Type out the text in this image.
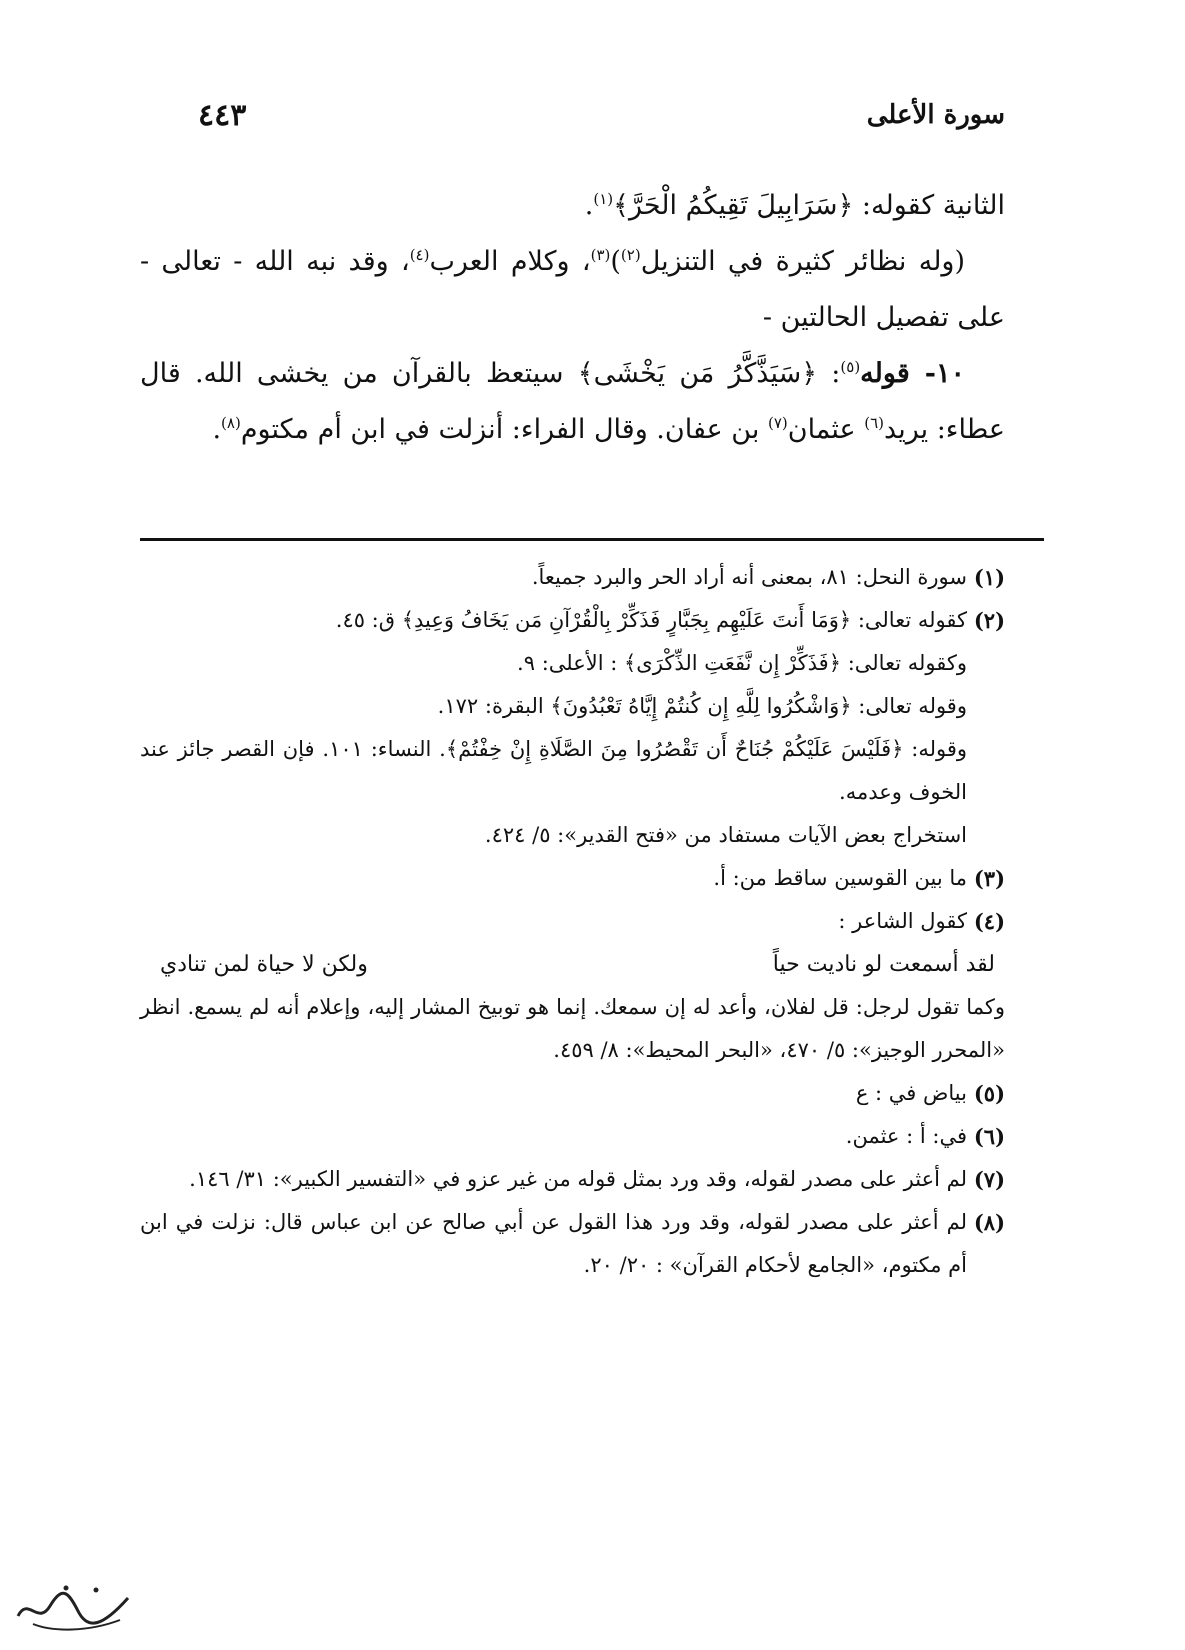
سورة الأعلى
٤٤٣

الثانية كقوله: ﴿سَرَابِيلَ تَقِيكُمُ الْحَرَّ﴾$^{(١)}$.

(وله نظائر كثيرة في التنزيل$^{(٢)}$)$^{(٣)}$، وكلام العرب$^{(٤)}$، وقد نبه الله - تعالى - على تفصيل الحالتين -

١٠- قوله$^{(٥)}$: ﴿سَيَذَّكَّرُ مَن يَخْشَى﴾ سيتعظ بالقرآن من يخشى الله. قال عطاء: يريد$^{(٦)}$ عثمان$^{(٧)}$ بن عفان. وقال الفراء: أنزلت في ابن أم مكتوم$^{(٨)}$.

(١)

سورة النحل: ٨١، بمعنى أنه أراد الحر والبرد جميعاً.

(٢)

كقوله تعالى: ﴿وَمَا أَنتَ عَلَيْهِم بِجَبَّارٍ فَذَكِّرْ بِالْقُرْآنِ مَن يَخَافُ وَعِيدِ﴾ ق: ٤٥.

وكقوله تعالى: ﴿فَذَكِّرْ إِن نَّفَعَتِ الذِّكْرَى﴾ : الأعلى: ٩.

وقوله تعالى: ﴿وَاشْكُرُوا لِلَّهِ إِن كُنتُمْ إِيَّاهُ تَعْبُدُونَ﴾ البقرة: ١٧٢.

وقوله: ﴿فَلَيْسَ عَلَيْكُمْ جُنَاحٌ أَن تَقْصُرُوا مِنَ الصَّلَاةِ إِنْ خِفْتُمْ﴾. النساء: ١٠١. فإن القصر جائز عند الخوف وعدمه.

استخراج بعض الآيات مستفاد من «فتح القدير»: ٥/ ٤٢٤.

(٣)

ما بين القوسين ساقط من: أ.

(٤)

كقول الشاعر :

لقد أسمعت لو ناديت حياً
ولكن لا حياة لمن تنادي

وكما تقول لرجل: قل لفلان، وأعد له إن سمعك. إنما هو توبيخ المشار إليه، وإعلام أنه لم يسمع. انظر «المحرر الوجيز»: ٥/ ٤٧٠، «البحر المحيط»: ٨/ ٤٥٩.

(٥)

بياض في : ع

(٦)

في: أ : عثمن.

(٧)

لم أعثر على مصدر لقوله، وقد ورد بمثل قوله من غير عزو في «التفسير الكبير»: ٣١/ ١٤٦.

(٨)

لم أعثر على مصدر لقوله، وقد ورد هذا القول عن أبي صالح عن ابن عباس قال: نزلت في ابن أم مكتوم، «الجامع لأحكام القرآن» : ٢٠/ ٢٠.
